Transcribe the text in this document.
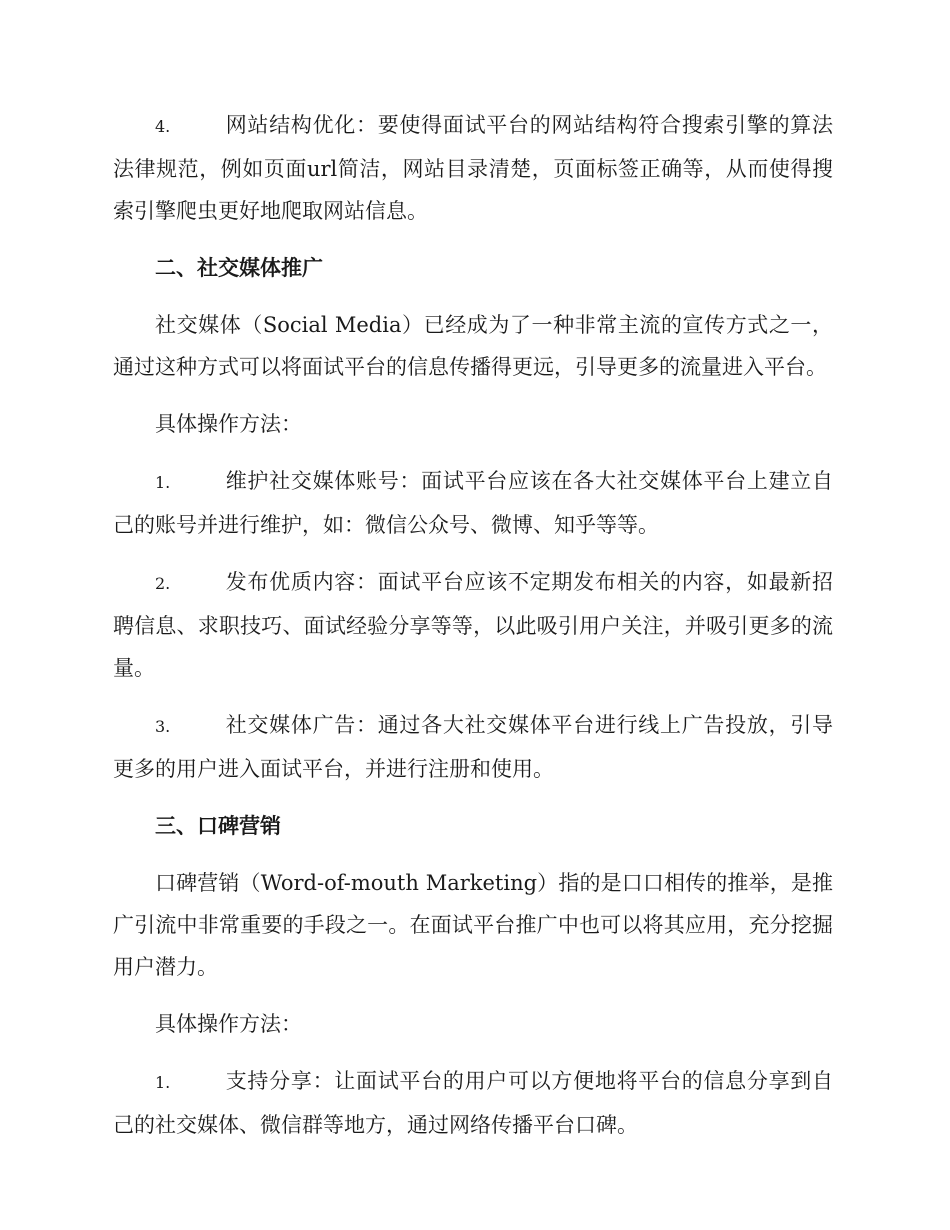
4.	网站结构优化：要使得面试平台的网站结构符合搜索引擎的算法法律规范，例如页面url简洁，网站目录清楚，页面标签正确等，从而使得搜索引擎爬虫更好地爬取网站信息。

二、社交媒体推广

社交媒体（Social Media）已经成为了一种非常主流的宣传方式之一，通过这种方式可以将面试平台的信息传播得更远，引导更多的流量进入平台。

具体操作方法：

1.	维护社交媒体账号：面试平台应该在各大社交媒体平台上建立自己的账号并进行维护，如：微信公众号、微博、知乎等等。

2.	发布优质内容：面试平台应该不定期发布相关的内容，如最新招聘信息、求职技巧、面试经验分享等等，以此吸引用户关注，并吸引更多的流量。

3.	社交媒体广告：通过各大社交媒体平台进行线上广告投放，引导更多的用户进入面试平台，并进行注册和使用。

三、口碑营销

口碑营销（Word-of-mouth Marketing）指的是口口相传的推举，是推广引流中非常重要的手段之一。在面试平台推广中也可以将其应用，充分挖掘用户潜力。

具体操作方法：

1.	支持分享：让面试平台的用户可以方便地将平台的信息分享到自己的社交媒体、微信群等地方，通过网络传播平台口碑。
